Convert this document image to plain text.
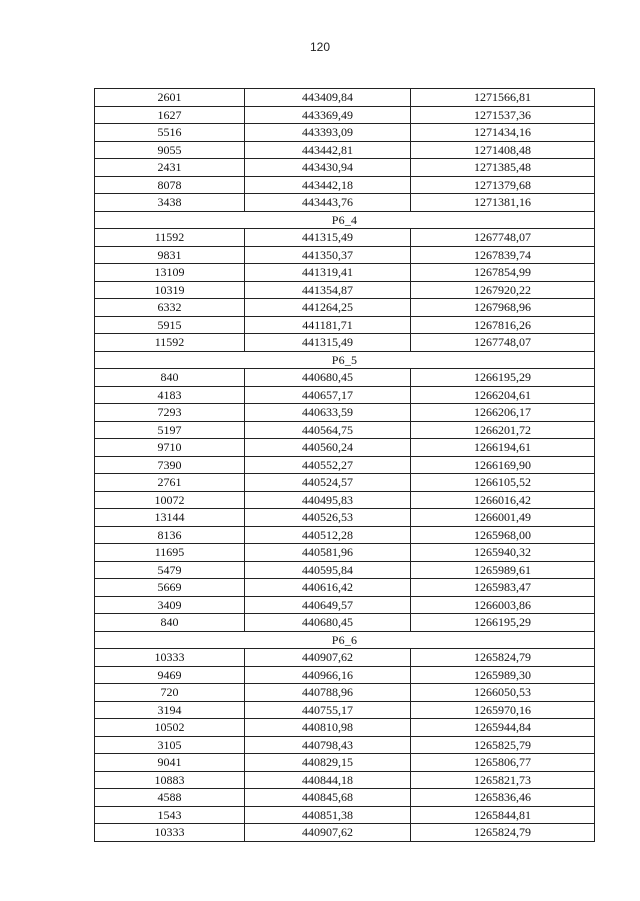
120
2601	443409,84	1271566,81
1627	443369,49	1271537,36
5516	443393,09	1271434,16
9055	443442,81	1271408,48
2431	443430,94	1271385,48
8078	443442,18	1271379,68
3438	443443,76	1271381,16
Р6_4		
11592	441315,49	1267748,07
9831	441350,37	1267839,74
13109	441319,41	1267854,99
10319	441354,87	1267920,22
6332	441264,25	1267968,96
5915	441181,71	1267816,26
11592	441315,49	1267748,07
Р6_5		
840	440680,45	1266195,29
4183	440657,17	1266204,61
7293	440633,59	1266206,17
5197	440564,75	1266201,72
9710	440560,24	1266194,61
7390	440552,27	1266169,90
2761	440524,57	1266105,52
10072	440495,83	1266016,42
13144	440526,53	1266001,49
8136	440512,28	1265968,00
11695	440581,96	1265940,32
5479	440595,84	1265989,61
5669	440616,42	1265983,47
3409	440649,57	1266003,86
840	440680,45	1266195,29
Р6_6		
10333	440907,62	1265824,79
9469	440966,16	1265989,30
720	440788,96	1266050,53
3194	440755,17	1265970,16
10502	440810,98	1265944,84
3105	440798,43	1265825,79
9041	440829,15	1265806,77
10883	440844,18	1265821,73
4588	440845,68	1265836,46
1543	440851,38	1265844,81
10333	440907,62	1265824,79
